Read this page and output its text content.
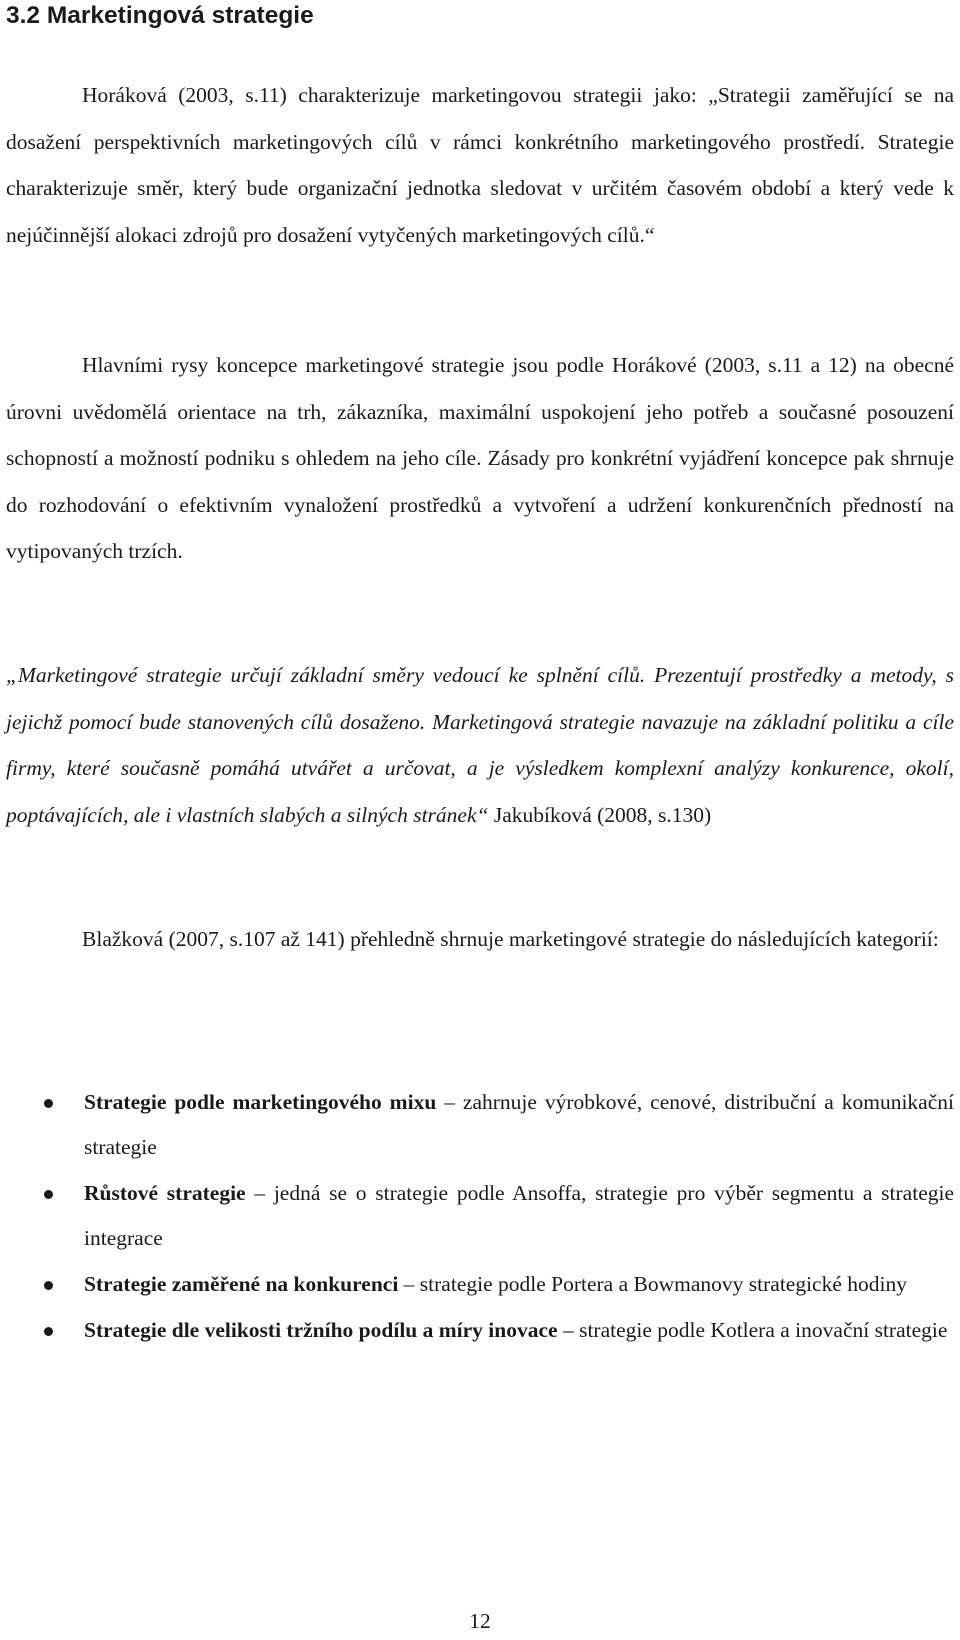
3.2 Marketingová strategie

Horáková (2003, s.11) charakterizuje marketingovou strategii jako: „Strategii zaměřující se na dosažení perspektivních marketingových cílů v rámci konkrétního marketingového prostředí. Strategie charakterizuje směr, který bude organizační jednotka sledovat v určitém časovém období a který vede k nejúčinnější alokaci zdrojů pro dosažení vytyčených marketingových cílů.“

Hlavními rysy koncepce marketingové strategie jsou podle Horákové (2003, s.11 a 12) na obecné úrovni uvědomělá orientace na trh, zákazníka, maximální uspokojení jeho potřeb a současné posouzení schopností a možností podniku s ohledem na jeho cíle. Zásady pro konkrétní vyjádření koncepce pak shrnuje do rozhodování o efektivním vynaložení prostředků a vytvoření a udržení konkurenčních předností na vytipovaných trzích.

„Marketingové strategie určují základní směry vedoucí ke splnění cílů. Prezentují prostředky a metody, s jejichž pomocí bude stanovených cílů dosaženo. Marketingová strategie navazuje na základní politiku a cíle firmy, které současně pomáhá utvářet a určovat, a je výsledkem komplexní analýzy konkurence, okolí, poptávajících, ale i vlastních slabých a silných stránek“ Jakubíková (2008, s.130)

Blažková (2007, s.107 až 141) přehledně shrnuje marketingové strategie do následujících kategorií:

Strategie podle marketingového mixu – zahrnuje výrobkové, cenové, distribuční a komunikační strategie
Růstové strategie – jedná se o strategie podle Ansoffa, strategie pro výběr segmentu a strategie integrace
Strategie zaměřené na konkurenci – strategie podle Portera a Bowmanovy strategické hodiny
Strategie dle velikosti tržního podílu a míry inovace – strategie podle Kotlera a inovační strategie
12
